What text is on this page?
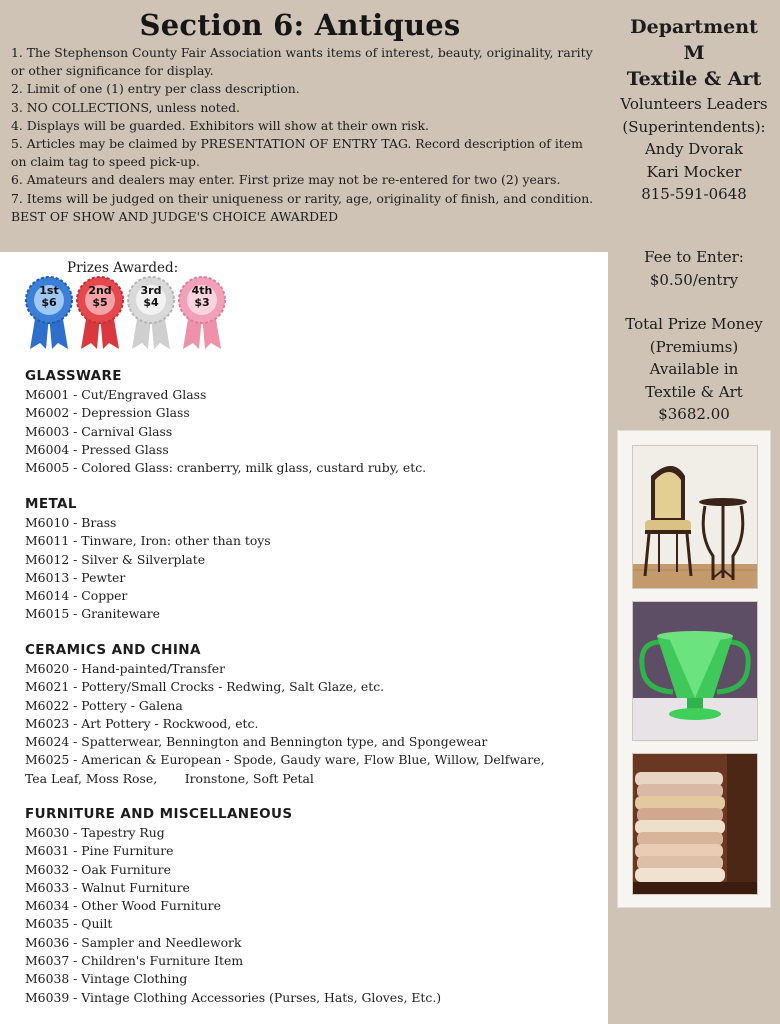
Section 6: Antiques
1. The Stephenson County Fair Association wants items of interest, beauty, originality, rarity
or other significance for display.
2. Limit of one (1) entry per class description.
3. NO COLLECTIONS, unless noted.
4. Displays will be guarded. Exhibitors will show at their own risk.
5. Articles may be claimed by PRESENTATION OF ENTRY TAG. Record description of item
on claim tag to speed pick-up.
6. Amateurs and dealers may enter. First prize may not be re-entered for two (2) years.
7. Items will be judged on their uniqueness or rarity, age, originality of finish, and condition.
BEST OF SHOW AND JUDGE'S CHOICE AWARDED
Department
M
Textile & Art
Volunteers Leaders
(Superintendents):
Andy Dvorak
Kari Mocker
815-591-0648
Fee to Enter:
$0.50/entry
Total Prize Money
(Premiums)
Available in
Textile & Art
$3682.00
Prizes Awarded:
1st
$6
2nd
$5
3rd
$4
4th
$3
GLASSWARE
M6001 - Cut/Engraved Glass
M6002 - Depression Glass
M6003 - Carnival Glass
M6004 - Pressed Glass
M6005 - Colored Glass: cranberry, milk glass, custard ruby, etc.
METAL
M6010 - Brass
M6011 - Tinware, Iron: other than toys
M6012 - Silver & Silverplate
M6013 - Pewter
M6014 - Copper
M6015 - Graniteware
CERAMICS AND CHINA
M6020 - Hand-painted/Transfer
M6021 - Pottery/Small Crocks - Redwing, Salt Glaze, etc.
M6022 - Pottery - Galena
M6023 - Art Pottery - Rockwood, etc.
M6024 - Spatterwear, Bennington and Bennington type, and Spongewear
M6025 - American & European - Spode, Gaudy ware, Flow Blue, Willow, Delfware,
Tea Leaf, Moss Rose,       Ironstone, Soft Petal
FURNITURE AND MISCELLANEOUS
M6030 - Tapestry Rug
M6031 - Pine Furniture
M6032 - Oak Furniture
M6033 - Walnut Furniture
M6034 - Other Wood Furniture
M6035 - Quilt
M6036 - Sampler and Needlework
M6037 - Children's Furniture Item
M6038 - Vintage Clothing
M6039 - Vintage Clothing Accessories (Purses, Hats, Gloves, Etc.)
